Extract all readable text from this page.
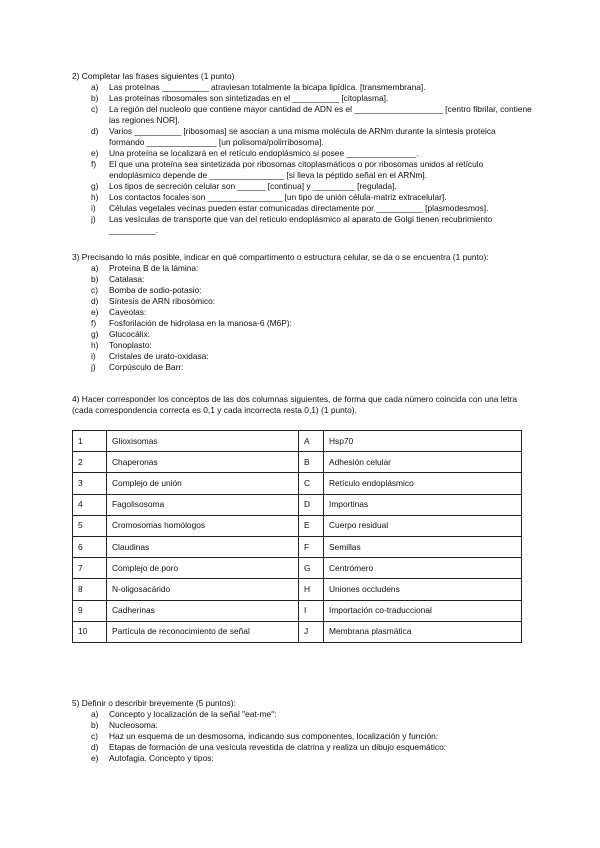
2) Completar las frases siguientes (1 punto)

a) Las proteínas __________ atraviesan totalmente la bicapa lipídica. [transmembrana].
b) Las proteínas ribosomales son sintetizadas en el __________ [citoplasma].
c) La región del nucleolo que contiene mayor cantidad de ADN es el ___________________ [centro fibrilar, contiene las regiones NOR].
d) Varios __________ [ribosomas] se asocian a una misma molécula de ARNm durante la síntesis proteica formando _______________ [un polisoma/polirribosoma].
e) Una proteína se localizará en el retículo endoplásmico si posee _______________.
f) El que una proteína sea sintetizada por ribosomas citoplasmáticos o por ribosomas unidos al retículo endoplásmico depende de ________________ [si lleva la péptido señal en el ARNm].
g) Los tipos de secreción celular son ______ [continua] y _________ [regulada].
h) Los contactos focales son ________________ [un tipo de unión célula-matriz extracelular].
i) Células vegetales vecinas pueden estar comunicadas directamente por __________ [plasmodesmos].
j) Las vesículas de transporte que van del retículo endoplásmico al aparato de Golgi tienen recubrimiento __________.

3) Precisando lo más posible, indicar en qué compartimento o estructura celular, se da o se encuentra (1 punto):

a) Proteína B de la lámina:
b) Catalasa:
c) Bomba de sodio-potasio:
d) Síntesis de ARN ribosómico:
e) Caveolas:
f) Fosforilación de hidrolasa en la manosa-6 (M6P):
g) Glucocálix:
h) Tonoplasto:
i) Cristales de urato-oxidasa:
j) Corpúsculo de Barr:

4) Hacer corresponder los conceptos de las dos columnas siguientes, de forma que cada número coincida con una letra (cada correspondencia correcta es 0,1 y cada incorrecta resta 0,1) (1 punto).

1	Glioxisomas	A	Hsp70
2	Chaperonas	B	Adhesión celular
3	Complejo de unión	C	Retículo endoplásmico
4	Fagolisosoma	D	Importinas
5	Cromosomas homólogos	E	Cuerpo residual
6	Claudinas	F	Semillas
7	Complejo de poro	G	Centrómero
8	N-oligosacárido	H	Uniones occludens
9	Cadherinas	I	Importación co-traduccional
10	Partícula de reconocimiento de señal	J	Membrana plasmática

5) Definir o describir brevemente (5 puntos):

a) Concepto y localización de la señal "eat-me":
b) Nucleosoma:
c) Haz un esquema de un desmosoma, indicando sus componentes, localización y función:
d) Etapas de formación de una vesícula revestida de clatrina y realiza un dibujo esquemático:
e) Autofagia. Concepto y tipos:
